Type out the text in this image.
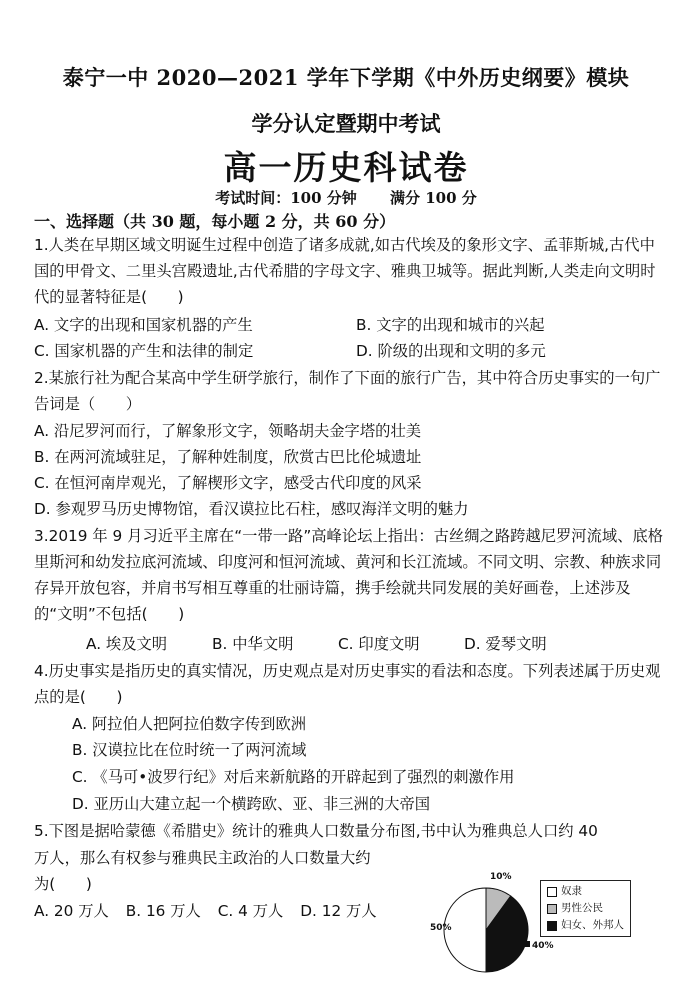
泰宁一中 2020—2021 学年下学期《中外历史纲要》模块
学分认定暨期中考试
高一历史科试卷
考试时间：100 分钟 满分 100 分
一、选择题（共 30 题，每小题 2 分，共 60 分）
1.人类在早期区域文明诞生过程中创造了诸多成就,如古代埃及的象形文字、孟菲斯城,古代中国的甲骨文、二里头宫殿遗址,古代希腊的字母文字、雅典卫城等。据此判断,人类走向文明时代的显著特征是(　　)
A. 文字的出现和国家机器的产生	B. 文字的出现和城市的兴起
C. 国家机器的产生和法律的制定	D. 阶级的出现和文明的多元
2.某旅行社为配合某高中学生研学旅行，制作了下面的旅行广告，其中符合历史事实的一句广告词是（　　）
A. 沿尼罗河而行，了解象形文字，领略胡夫金字塔的壮美
B. 在两河流域驻足，了解种姓制度，欣赏古巴比伦城遗址
C. 在恒河南岸观光，了解楔形文字，感受古代印度的风采
D. 参观罗马历史博物馆，看汉谟拉比石柱，感叹海洋文明的魅力
3.2019 年 9 月习近平主席在“一带一路”高峰论坛上指出：古丝绸之路跨越尼罗河流域、底格里斯河和幼发拉底河流域、印度河和恒河流域、黄河和长江流域。不同文明、宗教、种族求同存异开放包容，并肩书写相互尊重的壮丽诗篇，携手绘就共同发展的美好画卷，上述涉及的“文明”不包括(　　)
A. 埃及文明	B. 中华文明	C. 印度文明	D. 爱琴文明
4.历史事实是指历史的真实情况，历史观点是对历史事实的看法和态度。下列表述属于历史观点的是(　　)
A. 阿拉伯人把阿拉伯数字传到欧洲
B. 汉谟拉比在位时统一了两河流域
C. 《马可•波罗行纪》对后来新航路的开辟起到了强烈的刺激作用
D. 亚历山大建立起一个横跨欧、亚、非三洲的大帝国
5.下图是据哈蒙德《希腊史》统计的雅典人口数量分布图,书中认为雅典总人口约 40
万人，那么有权参与雅典民主政治的人口数量大约
为(　　)
A. 20 万人 B. 16 万人 C. 4 万人 D. 12 万人
50%
10%
40%
奴隶
男性公民
妇女、外邦人
